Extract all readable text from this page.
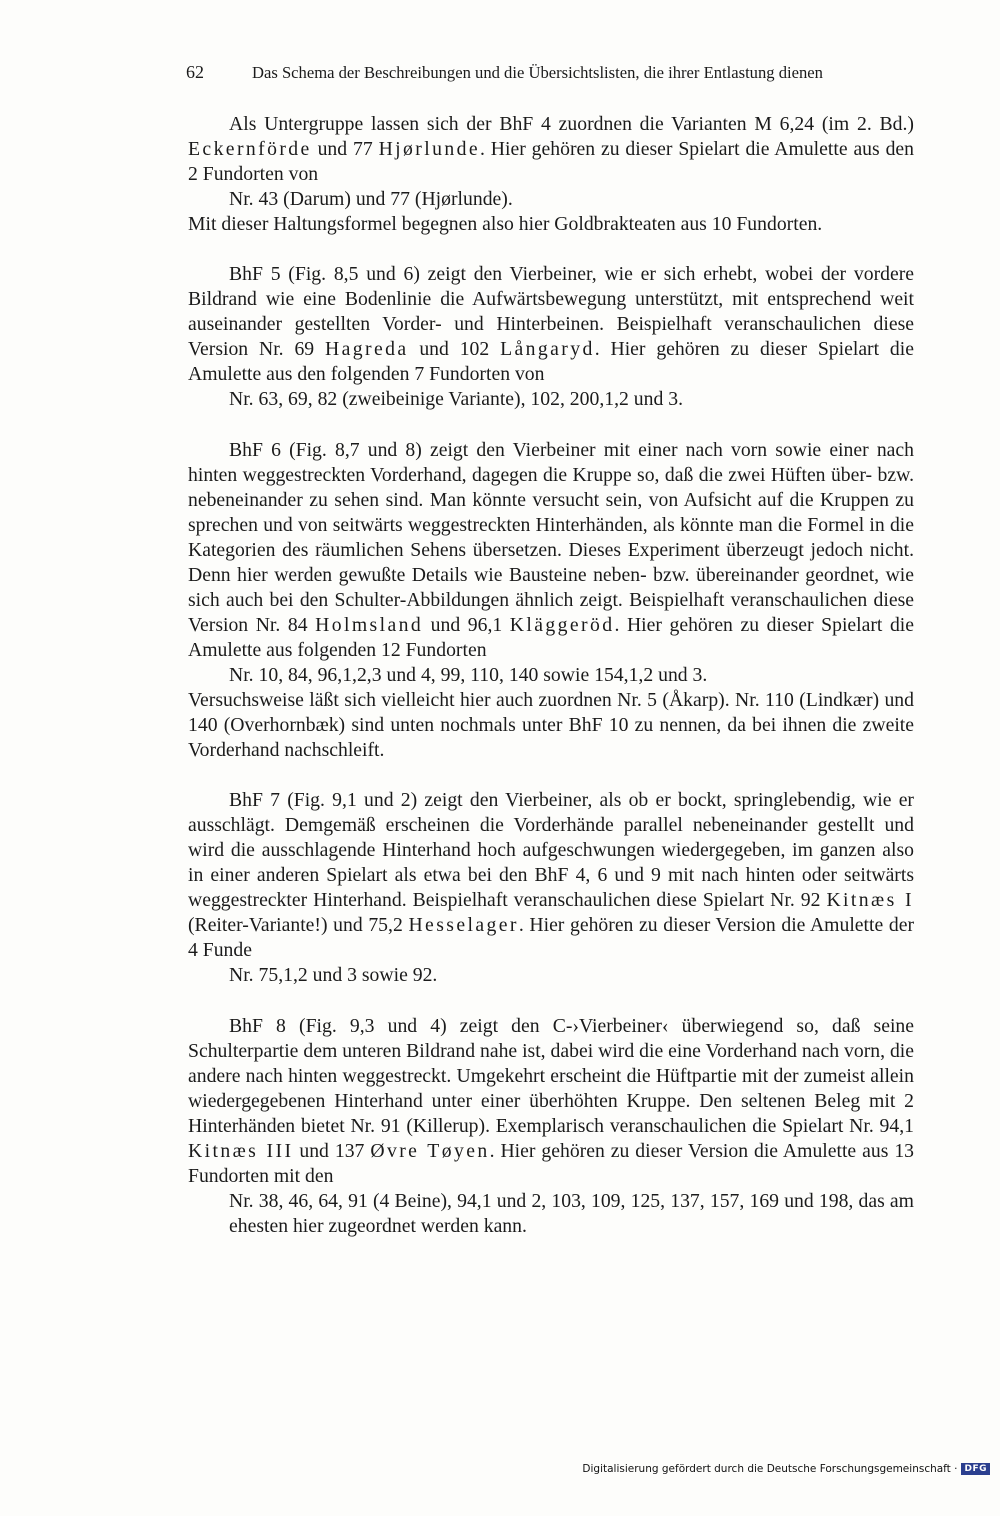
62	Das Schema der Beschreibungen und die Übersichtslisten, die ihrer Entlastung dienen

Als Untergruppe lassen sich der BhF 4 zuordnen die Varianten M 6,24 (im 2. Bd.) Eckernförde und 77 Hjørlunde. Hier gehören zu dieser Spielart die Amulette aus den 2 Fundorten von

Nr. 43 (Darum) und 77 (Hjørlunde).

Mit dieser Haltungsformel begegnen also hier Goldbrakteaten aus 10 Fundorten.

BhF 5 (Fig. 8,5 und 6) zeigt den Vierbeiner, wie er sich erhebt, wobei der vordere Bildrand wie eine Bodenlinie die Aufwärtsbewegung unterstützt, mit entsprechend weit auseinander gestellten Vorder- und Hinterbeinen. Beispielhaft veranschaulichen diese Version Nr. 69 Hagreda und 102 Långaryd. Hier gehören zu dieser Spielart die Amulette aus den folgenden 7 Fundorten von

Nr. 63, 69, 82 (zweibeinige Variante), 102, 200,1,2 und 3.

BhF 6 (Fig. 8,7 und 8) zeigt den Vierbeiner mit einer nach vorn sowie einer nach hinten weggestreckten Vorderhand, dagegen die Kruppe so, daß die zwei Hüften über- bzw. nebeneinander zu sehen sind. Man könnte versucht sein, von Aufsicht auf die Kruppen zu sprechen und von seitwärts weggestreckten Hinterhänden, als könnte man die Formel in die Kategorien des räumlichen Sehens übersetzen. Dieses Experiment überzeugt jedoch nicht. Denn hier werden gewußte Details wie Bausteine neben- bzw. übereinander geordnet, wie sich auch bei den Schulter-Abbildungen ähnlich zeigt. Beispielhaft veranschaulichen diese Version Nr. 84 Holmsland und 96,1 Kläggeröd. Hier gehören zu dieser Spielart die Amulette aus folgenden 12 Fundorten

Nr. 10, 84, 96,1,2,3 und 4, 99, 110, 140 sowie 154,1,2 und 3.

Versuchsweise läßt sich vielleicht hier auch zuordnen Nr. 5 (Åkarp). Nr. 110 (Lindkær) und 140 (Overhornbæk) sind unten nochmals unter BhF 10 zu nennen, da bei ihnen die zweite Vorderhand nachschleift.

BhF 7 (Fig. 9,1 und 2) zeigt den Vierbeiner, als ob er bockt, springlebendig, wie er ausschlägt. Demgemäß erscheinen die Vorderhände parallel nebeneinander gestellt und wird die ausschlagende Hinterhand hoch aufgeschwungen wiedergegeben, im ganzen also in einer anderen Spielart als etwa bei den BhF 4, 6 und 9 mit nach hinten oder seitwärts weggestreckter Hinterhand. Beispielhaft veranschaulichen diese Spielart Nr. 92 Kitnæs I (Reiter-Variante!) und 75,2 Hesselager. Hier gehören zu dieser Version die Amulette der 4 Funde

Nr. 75,1,2 und 3 sowie 92.

BhF 8 (Fig. 9,3 und 4) zeigt den C-›Vierbeiner‹ überwiegend so, daß seine Schulterpartie dem unteren Bildrand nahe ist, dabei wird die eine Vorderhand nach vorn, die andere nach hinten weggestreckt. Umgekehrt erscheint die Hüftpartie mit der zumeist allein wiedergegebenen Hinterhand unter einer überhöhten Kruppe. Den seltenen Beleg mit 2 Hinterhänden bietet Nr. 91 (Killerup). Exemplarisch veranschaulichen die Spielart Nr. 94,1 Kitnæs III und 137 Øvre Tøyen. Hier gehören zu dieser Version die Amulette aus 13 Fundorten mit den

Nr. 38, 46, 64, 91 (4 Beine), 94,1 und 2, 103, 109, 125, 137, 157, 169 und 198, das am ehesten hier zugeordnet werden kann.

Digitalisierung gefördert durch die Deutsche Forschungsgemeinschaft · DFG
